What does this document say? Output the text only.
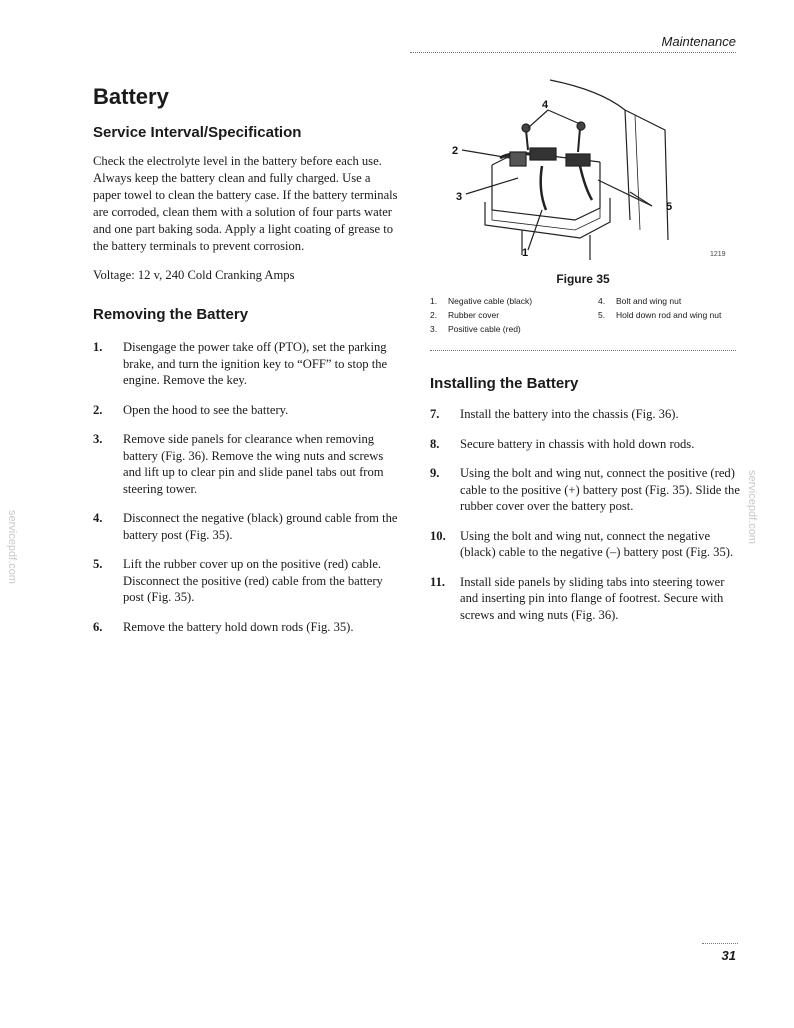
Maintenance
Battery
Service Interval/Specification

Check the electrolyte level in the battery before each use. Always keep the battery clean and fully charged. Use a paper towel to clean the battery case. If the battery terminals are corroded, clean them with a solution of four parts water and one part baking soda. Apply a light coating of grease to the battery terminals to prevent corrosion.

Voltage: 12 v, 240 Cold Cranking Amps

Removing the Battery
1. Disengage the power take off (PTO), set the parking brake, and turn the ignition key to “OFF” to stop the engine. Remove the key.
2. Open the hood to see the battery.
3. Remove side panels for clearance when removing battery (Fig. 36). Remove the wing nuts and screws and lift up to clear pin and slide panel tabs out from steering tower.
4. Disconnect the negative (black) ground cable from the battery post (Fig. 35).
5. Lift the rubber cover up on the positive (red) cable. Disconnect the positive (red) cable from the battery post (Fig. 35).
6. Remove the battery hold down rods (Fig. 35).
4
2
3
1
5
1219
Figure 35
1. Negative cable (black)
2. Rubber cover
3. Positive cable (red)
4. Bolt and wing nut
5.	Hold down rod and wing nut
Installing the Battery
7. Install the battery into the chassis (Fig. 36).
8. Secure battery in chassis with hold down rods.
9. Using the bolt and wing nut, connect the positive (red) cable to the positive (+) battery post (Fig. 35). Slide the rubber cover over the battery post.
10. Using the bolt and wing nut, connect the negative (black) cable to the negative (–) battery post (Fig. 35).
11. Install side panels by sliding tabs into steering tower and inserting pin into flange of footrest. Secure with screws and wing nuts (Fig. 36).
servicepdf.com
servicepdf.com
31
